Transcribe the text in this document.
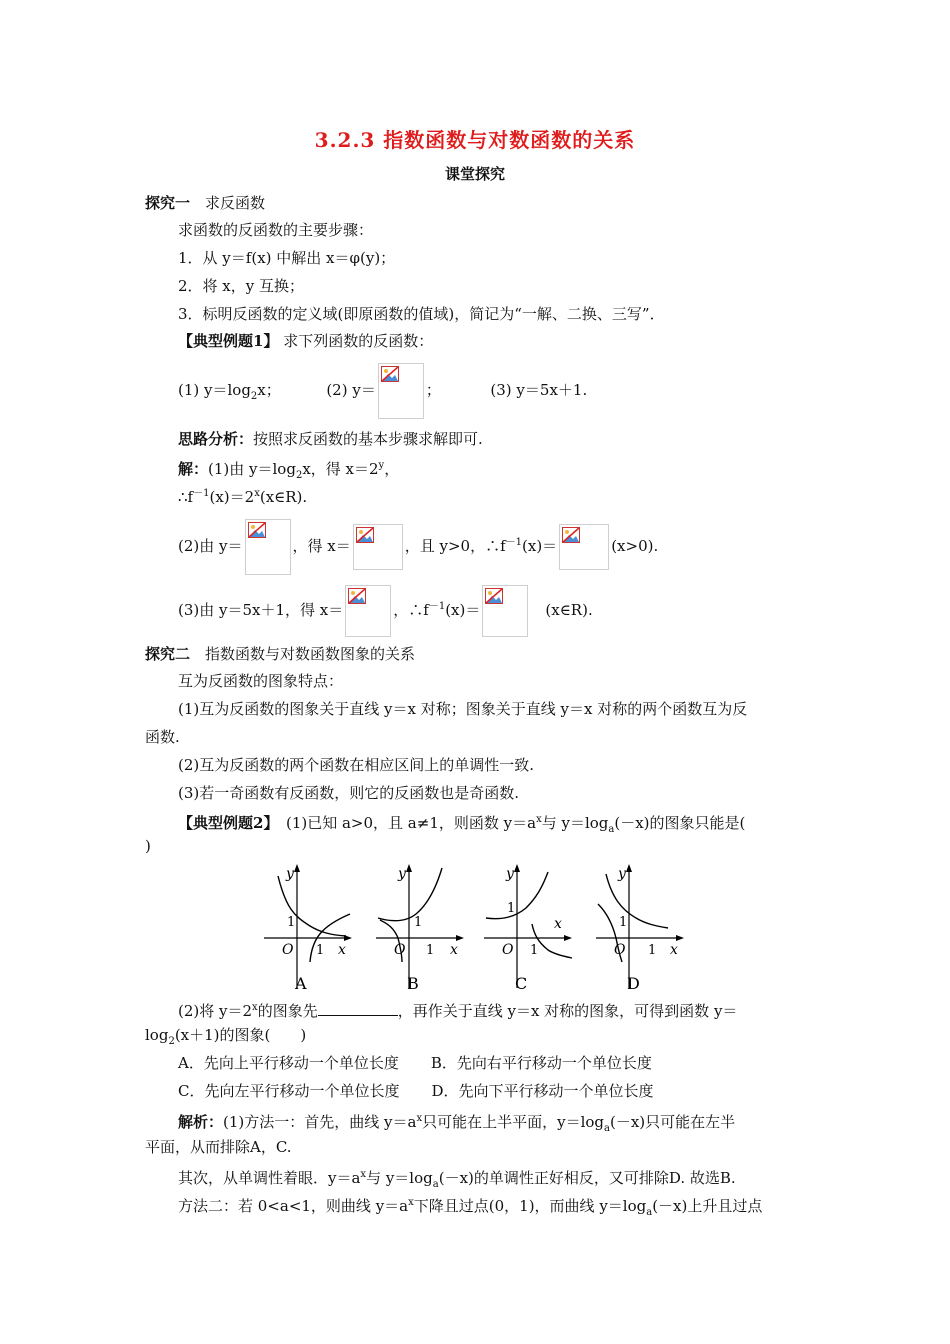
3.2.3 指数函数与对数函数的关系
课堂探究
探究一　 求反函数
求函数的反函数的主要步骤：
1．从 y＝f(x) 中解出 x＝φ(y)；
2．将 x，y 互换；
3．标明反函数的定义域(即原函数的值域)，简记为“一解、二换、三写”．
【典型例题1】 求下列函数的反函数：
(1) $y=\log_2x$；	(2) y＝	；	(3) y＝5x＋1.
思路分析：按照求反函数的基本步骤求解即可.
解：(1)由 $y=\log_2x$，得 $x=2^y$，
$\therefore f^{-1}(x)=2^x(x\in R)$.
(2)由 y＝	，得 x＝	，且 y>0，$\therefore f^{-1}(x)=$	(x>0).
(3)由 y＝5x＋1，得 x＝	，$\therefore f^{-1}(x)=$
　	(x∈R).
探究二　 指数函数与对数函数图象的关系
互为反函数的图象特点：
(1)互为反函数的图象关于直线 y＝x 对称；图象关于直线 y＝x 对称的两个函数互为反
函数.
(2)互为反函数的两个函数在相应区间上的单调性一致.
(3)若一奇函数有反函数，则它的反函数也是奇函数.
【典型例题2】　 (1)已知 a>0，且 a≠1，则函数 $y=a^x$与 $y=\log_a(-x)$的图象只能是(
)
y
x
O
1
1
A
y
x
O
1
1
B
y
x
O
1
1
C
y
x
O
1
1
D
(2)将 $y=2^x$的图象先	，再作关于直线 y＝x 对称的图象，可得到函数 y＝
$\log_2(x+1)$的图象(　　)
A．先向上平行移动一个单位长度 B．先向右平行移动一个单位长度
C．先向左平行移动一个单位长度 D．先向下平行移动一个单位长度
解析：(1)方法一：首先，曲线 $y=a^x$只可能在上半平面，$y=\log_a(-x)$只可能在左半
平面，从而排除A，C.
其次，从单调性着眼．$y=a^x$与 $y=\log_a(-x)$的单调性正好相反，又可排除D. 故选B.
方法二：若 0<a<1，则曲线 $y=a^x$下降且过点(0，1)，而曲线 $y=\log_a(-x)$上升且过点
